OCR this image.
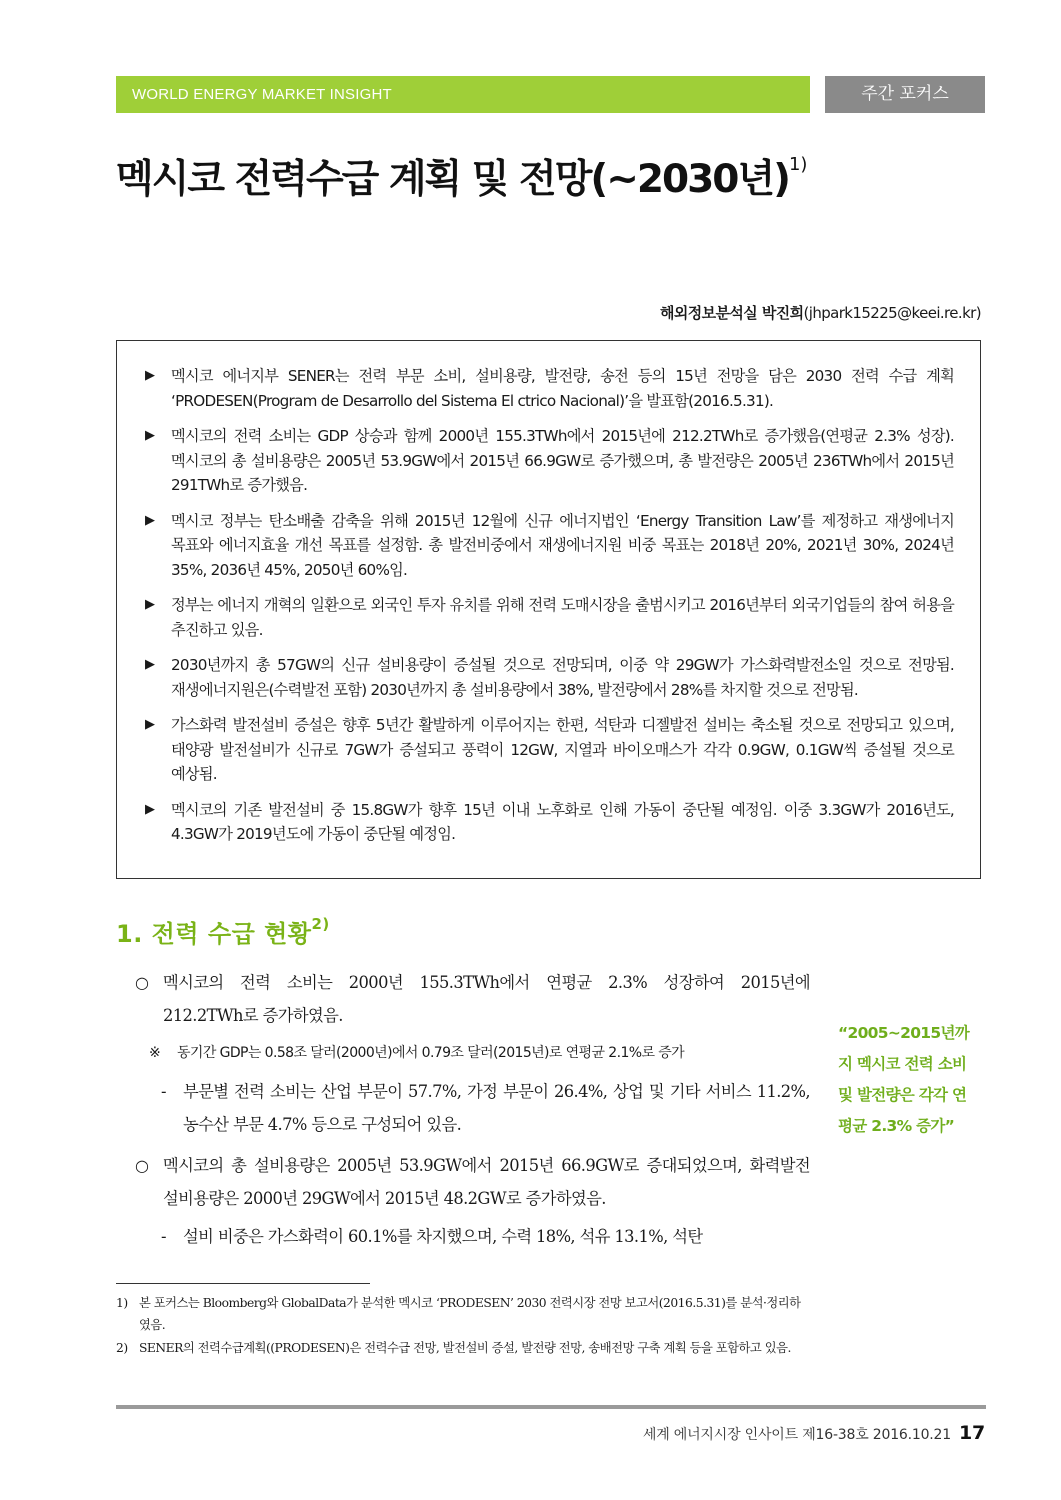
WORLD ENERGY MARKET INSIGHT	주간 포커스
멕시코 전력수급 계획 및 전망(~2030년)$^{1)}$
해외정보분석실 박진희(jhpark15225@keei.re.kr)
▶ 멕시코 에너지부 SENER는 전력 부문 소비, 설비용량, 발전량, 송전 등의 15년 전망을 담은 2030 전력 수급 계획 ‘PRODESEN(Program de Desarrollo del Sistema El ctrico Nacional)’을 발표함(2016.5.31).
▶ 멕시코의 전력 소비는 GDP 상승과 함께 2000년 155.3TWh에서 2015년에 212.2TWh로 증가했음(연평균 2.3% 성장). 멕시코의 총 설비용량은 2005년 53.9GW에서 2015년 66.9GW로 증가했으며, 총 발전량은 2005년 236TWh에서 2015년 291TWh로 증가했음.
▶ 멕시코 정부는 탄소배출 감축을 위해 2015년 12월에 신규 에너지법인 ‘Energy Transition Law’를 제정하고 재생에너지 목표와 에너지효율 개선 목표를 설정함. 총 발전비중에서 재생에너지원 비중 목표는 2018년 20%, 2021년 30%, 2024년 35%, 2036년 45%, 2050년 60%임.
▶ 정부는 에너지 개혁의 일환으로 외국인 투자 유치를 위해 전력 도매시장을 출범시키고 2016년부터 외국기업들의 참여 허용을 추진하고 있음.
▶ 2030년까지 총 57GW의 신규 설비용량이 증설될 것으로 전망되며, 이중 약 29GW가 가스화력발전소일 것으로 전망됨. 재생에너지원은(수력발전 포함) 2030년까지 총 설비용량에서 38%, 발전량에서 28%를 차지할 것으로 전망됨.
▶ 가스화력 발전설비 증설은 향후 5년간 활발하게 이루어지는 한편, 석탄과 디젤발전 설비는 축소될 것으로 전망되고 있으며, 태양광 발전설비가 신규로 7GW가 증설되고 풍력이 12GW, 지열과 바이오매스가 각각 0.9GW, 0.1GW씩 증설될 것으로 예상됨.
▶ 멕시코의 기존 발전설비 중 15.8GW가 향후 15년 이내 노후화로 인해 가동이 중단될 예정임. 이중 3.3GW가 2016년도, 4.3GW가 2019년도에 가동이 중단될 예정임.
1. 전력 수급 현황$^{2)}$

○ 멕시코의 전력 소비는 2000년 155.3TWh에서 연평균 2.3% 성장하여 2015년에 212.2TWh로 증가하였음.

※ 동기간 GDP는 0.58조 달러(2000년)에서 0.79조 달러(2015년)로 연평균 2.1%로 증가

- 부문별 전력 소비는 산업 부문이 57.7%, 가정 부문이 26.4%, 상업 및 기타 서비스 11.2%, 농수산 부문 4.7% 등으로 구성되어 있음.

○ 멕시코의 총 설비용량은 2005년 53.9GW에서 2015년 66.9GW로 증대되었으며, 화력발전 설비용량은 2000년 29GW에서 2015년 48.2GW로 증가하였음.

- 설비 비중은 가스화력이 60.1%를 차지했으며, 수력 18%, 석유 13.1%, 석탄

“2005~2015년까지 멕시코 전력 소비 및 발전량은 각각 연평균 2.3% 증가”

1) 본 포커스는 Bloomberg와 GlobalData가 분석한 멕시코 ‘PRODESEN’ 2030 전력시장 전망 보고서(2016.5.31)를 분석·정리하였음.

2) SENER의 전력수급계획((PRODESEN)은 전력수급 전망, 발전설비 증설, 발전량 전망, 송배전망 구축 계획 등을 포함하고 있음.

세계 에너지시장 인사이트 제16-38호 2016.10.21 17
